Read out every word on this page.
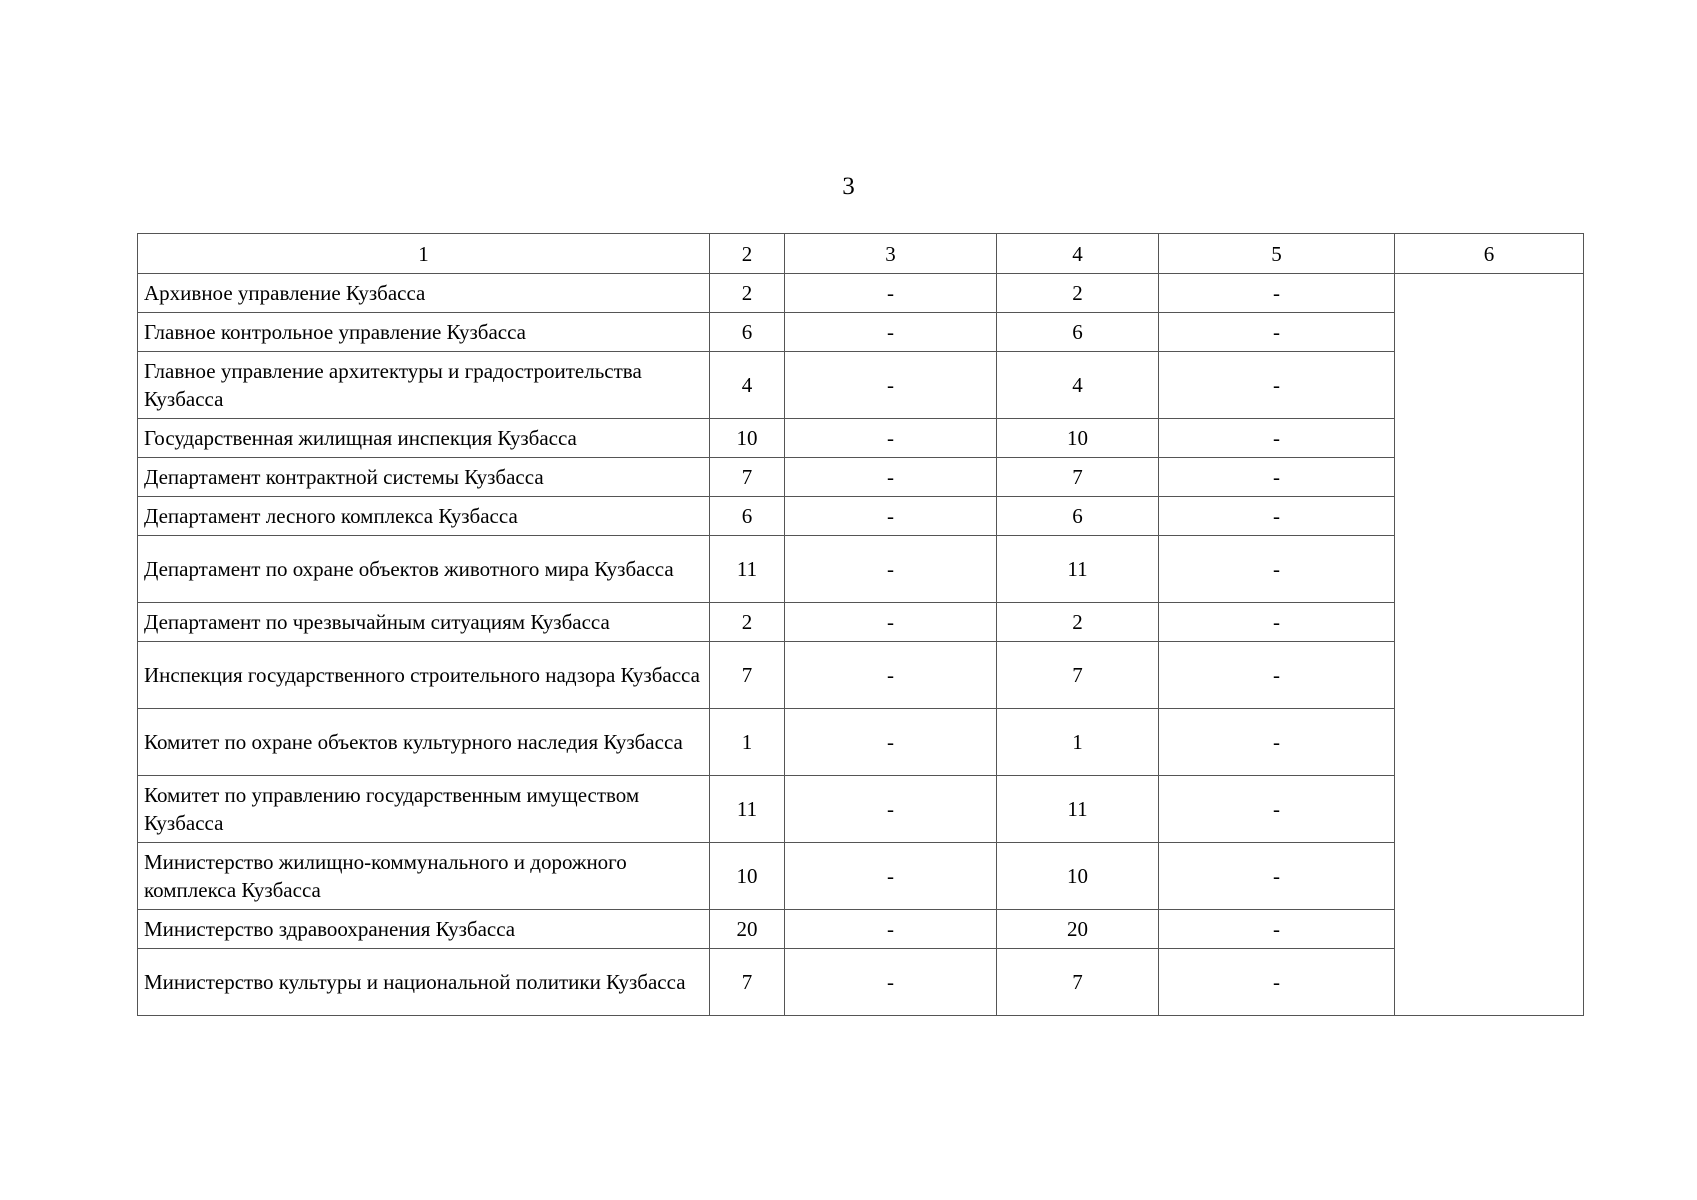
3
1	2	3	4	5	6
Архивное управление Кузбасса	2	-	2	-	
Главное контрольное управление Кузбасса	6	-	6	-	
Главное управление архитектуры и градостроительства Кузбасса	4	-	4	-	
Государственная жилищная инспекция Кузбасса	10	-	10	-	
Департамент контрактной системы Кузбасса	7	-	7	-	
Департамент лесного комплекса Кузбасса	6	-	6	-	
Департамент по охране объектов животного мира Кузбасса	11	-	11	-	
Департамент по чрезвычайным ситуациям Кузбасса	2	-	2	-	
Инспекция государственного строительного надзора Кузбасса	7	-	7	-	
Комитет по охране объектов культурного наследия Кузбасса	1	-	1	-	
Комитет по управлению государственным имуществом Кузбасса	11	-	11	-	
Министерство жилищно-коммунального и дорожного комплекса Кузбасса	10	-	10	-	
Министерство здравоохранения Кузбасса	20	-	20	-	
Министерство культуры и национальной политики Кузбасса	7	-	7	-	
